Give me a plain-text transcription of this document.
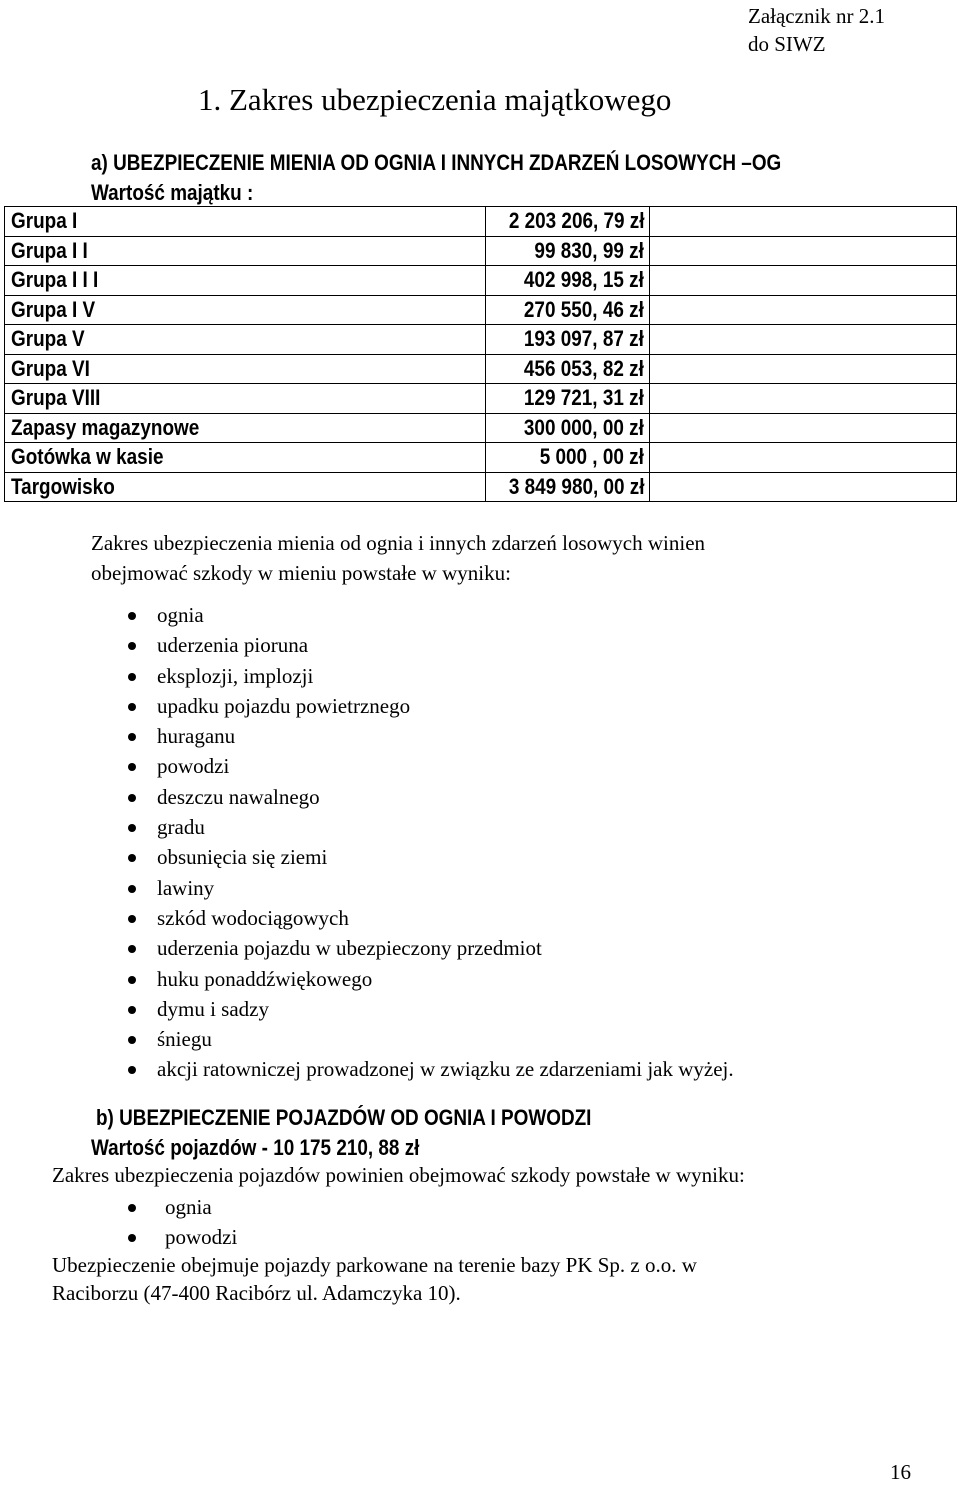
Załącznik nr 2.1
do SIWZ
1. Zakres ubezpieczenia majątkowego
a) UBEZPIECZENIE MIENIA OD OGNIA I INNYCH ZDARZEŃ LOSOWYCH –OG
Wartość majątku :
Grupa I	2 203 206, 79 zł	

Grupa I I	99 830, 99 zł	

Grupa I I I	402 998, 15 zł	

Grupa I V	270 550, 46 zł	

Grupa V	193 097, 87 zł	

Grupa VI	456 053, 82 zł	

Grupa VIII	129 721, 31 zł	

Zapasy magazynowe	300 000, 00 zł	

Gotówka w kasie	5 000 , 00 zł	

Targowisko	3 849 980, 00 zł	

Zakres ubezpieczenia mienia od ognia i innych zdarzeń losowych winien
obejmować szkody w mieniu powstałe w wyniku:
ognia
uderzenia pioruna
eksplozji, implozji
upadku pojazdu powietrznego
huraganu
powodzi
deszczu nawalnego
gradu
obsunięcia się ziemi
lawiny
szkód wodociągowych
uderzenia pojazdu w ubezpieczony przedmiot
huku ponaddźwiękowego
dymu i sadzy
śniegu
akcji ratowniczej prowadzonej w związku ze zdarzeniami jak wyżej.
b) UBEZPIECZENIE POJAZDÓW OD OGNIA I POWODZI
Wartość pojazdów - 10 175 210, 88 zł
Zakres ubezpieczenia pojazdów powinien obejmować szkody powstałe w wyniku:
ognia
powodzi
Ubezpieczenie obejmuje pojazdy parkowane na terenie bazy PK Sp. z o.o. w
Raciborzu (47-400 Racibórz ul. Adamczyka 10).
16
